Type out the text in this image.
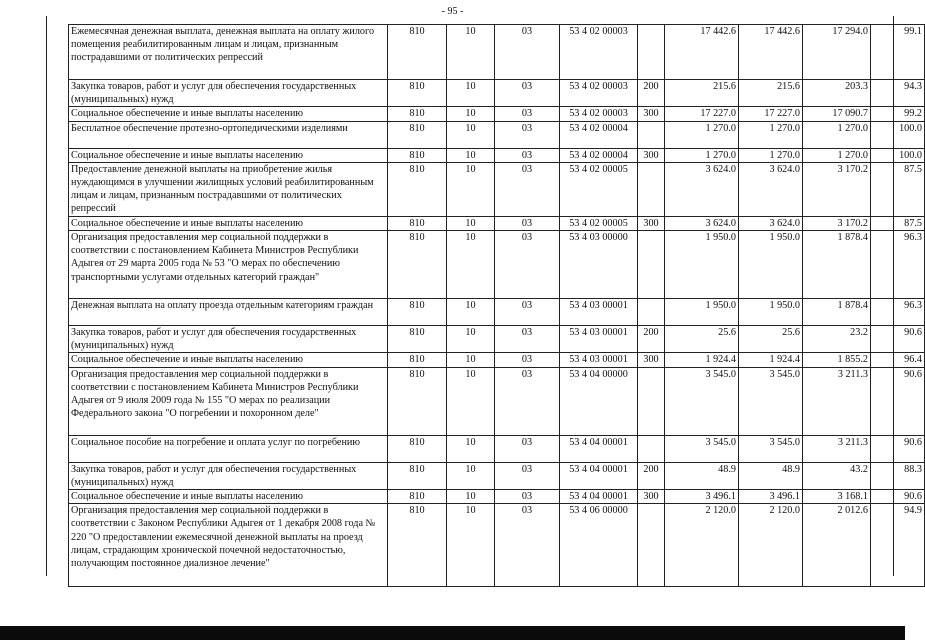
- 95 -
Ежемесячная денежная выплата, денежная выплата на оплату жилого помещения реабилитированным лицам и лицам, признанным пострадавшими от политических репрессий	810	10	03	53 4 02 00003		17 442.6	17 442.6	17 294.0	99.1
Закупка товаров, работ и услуг для обеспечения государственных (муниципальных) нужд	810	10	03	53 4 02 00003	200	215.6	215.6	203.3	94.3
Социальное обеспечение и иные выплаты населению	810	10	03	53 4 02 00003	300	17 227.0	17 227.0	17 090.7	99.2
Бесплатное обеспечение протезно-ортопедическими изделиями	810	10	03	53 4 02 00004		1 270.0	1 270.0	1 270.0	100.0
Социальное обеспечение и иные выплаты населению	810	10	03	53 4 02 00004	300	1 270.0	1 270.0	1 270.0	100.0
Предоставление денежной выплаты на приобретение жилья нуждающимся в улучшении жилищных условий реабилитированным лицам и лицам, признанным пострадавшими от политических репрессий	810	10	03	53 4 02 00005		3 624.0	3 624.0	3 170.2	87.5
Социальное обеспечение и иные выплаты населению	810	10	03	53 4 02 00005	300	3 624.0	3 624.0	3 170.2	87.5
Организация предоставления мер социальной поддержки в соответствии с постановлением Кабинета Министров Республики Адыгея от 29 марта 2005 года № 53 "О мерах по обеспечению транспортными услугами отдельных категорий граждан"	810	10	03	53 4 03 00000		1 950.0	1 950.0	1 878.4	96.3
Денежная выплата на оплату проезда отдельным категориям граждан	810	10	03	53 4 03 00001		1 950.0	1 950.0	1 878.4	96.3
Закупка товаров, работ и услуг для обеспечения государственных (муниципальных) нужд	810	10	03	53 4 03 00001	200	25.6	25.6	23.2	90.6
Социальное обеспечение и иные выплаты населению	810	10	03	53 4 03 00001	300	1 924.4	1 924.4	1 855.2	96.4
Организация предоставления мер социальной поддержки в соответствии с постановлением Кабинета Министров Республики Адыгея от 9 июля 2009 года № 155 "О мерах по реализации Федерального закона "О погребении и похоронном деле"	810	10	03	53 4 04 00000		3 545.0	3 545.0	3 211.3	90.6
Социальное пособие на погребение и оплата услуг по погребению	810	10	03	53 4 04 00001		3 545.0	3 545.0	3 211.3	90.6
Закупка товаров, работ и услуг для обеспечения государственных (муниципальных) нужд	810	10	03	53 4 04 00001	200	48.9	48.9	43.2	88.3
Социальное обеспечение и иные выплаты населению	810	10	03	53 4 04 00001	300	3 496.1	3 496.1	3 168.1	90.6
Организация предоставления мер социальной поддержки в соответствии с Законом Республики Адыгея от 1 декабря 2008 года № 220 "О предоставлении ежемесячной денежной выплаты на проезд лицам, страдающим хронической почечной недостаточностью, получающим постоянное диализное лечение"	810	10	03	53 4 06 00000		2 120.0	2 120.0	2 012.6	94.9
